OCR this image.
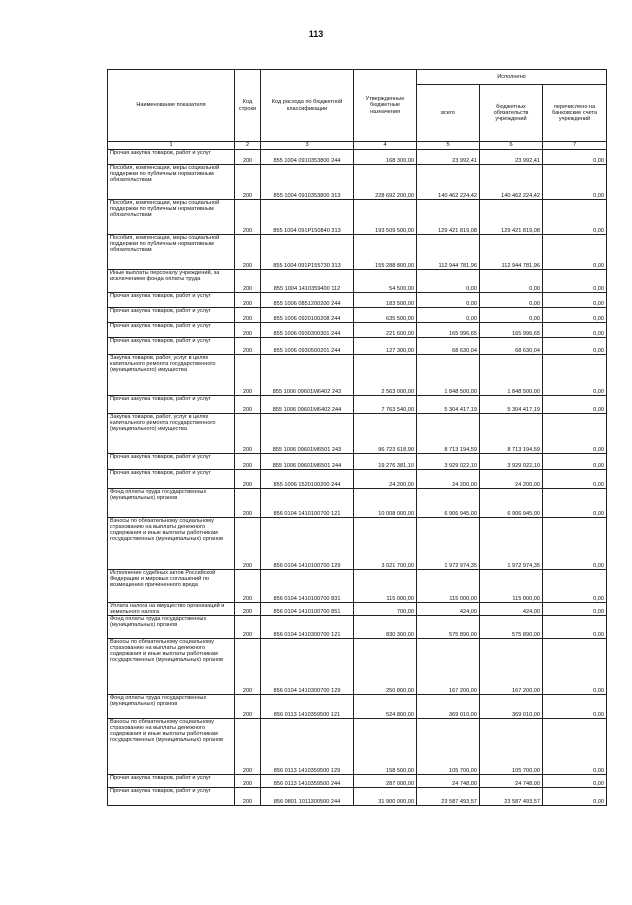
113
Наименование показателя	Код строки	Код расхода по бюджетной классификации	Утвержденные бюджетные назначения	Исполнено		
				всего	бюджетных обязательств учреждений	перечислено на банковские счета учреждений
1	2	3	4	5	6	7
Прочая закупка товаров, работ и услуг	200	855 1004 0910353800 244	168 300,00	23 992,41	23 992,41	0,00
Пособия, компенсации, меры социальной поддержки по публичным нормативным обязательствам	200	855 1004 0910353800 313	228 692 200,00	140 462 224,42	140 462 224,42	0,00
Пособия, компенсации, меры социальной поддержки по публичным нормативным обязательствам	200	855 1004 091P150840 313	193 509 500,00	129 421 819,08	129 421 819,08	0,00
Пособия, компенсации, меры социальной поддержки по публичным нормативным обязательствам	200	855 1004 091P155730 313	155 288 800,00	112 944 781,96	112 944 781,96	0,00
Иные выплаты персоналу учреждений, за исключением фонда оплаты труда	200	855 1004 1410359400 112	54 500,00	0,00	0,00	0,00
Прочая закупка товаров, работ и услуг	200	855 1006 0851200200 244	183 500,00	0,00	0,00	0,00
Прочая закупка товаров, работ и услуг	200	855 1006 0920100208 244	635 500,00	0,00	0,00	0,00
Прочая закупка товаров, работ и услуг	200	855 1006 0930300301 244	221 600,00	165 996,65	165 996,65	0,00
Прочая закупка товаров, работ и услуг	200	855 1006 0930500201 244	127 300,00	68 630,04	68 630,04	0,00
Закупка товаров, работ, услуг в целях капитального ремонта государственного (муниципального) имущества	200	855 1006 09601M6402 243	2 563 000,00	1 848 500,00	1 848 500,00	0,00
Прочая закупка товаров, работ и услуг	200	855 1006 09601M6402 244	7 763 540,00	5 304 417,19	5 304 417,19	0,00
Закупка товаров, работ, услуг в целях капитального ремонта государственного (муниципального) имущества	200	855 1006 09601M6501 243	96 723 618,90	8 713 194,59	8 713 194,59	0,00
Прочая закупка товаров, работ и услуг	200	855 1006 09601M6501 244	19 276 381,10	3 929 022,10	3 929 022,10	0,00
Прочая закупка товаров, работ и услуг	200	855 1006 1520100200 244	24 200,00	24 200,00	24 200,00	0,00
Фонд оплаты труда государственных (муниципальных) органов	200	856 0104 1410100700 121	10 008 000,00	6 906 945,00	6 906 945,00	0,00
Взносы по обязательному социальному страхованию на выплаты денежного содержания и иные выплаты работникам государственных (муниципальных) органов	200	856 0104 1410100700 129	3 021 700,00	1 972 974,35	1 972 974,35	0,00
Исполнение судебных актов Российской Федерации и мировых соглашений по возмещению причиненного вреда	200	856 0104 1410100700 831	115 000,00	115 000,00	115 000,00	0,00
Уплата налога на имущество организаций и земельного налога	200	856 0104 1410100700 851	700,00	424,00	424,00	0,00
Фонд оплаты труда государственных (муниципальных) органов	200	856 0104 1410300700 121	830 300,00	575 890,00	575 890,00	0,00
Взносы по обязательному социальному страхованию на выплаты денежного содержания и иные выплаты работникам государственных (муниципальных) органов	200	856 0104 1410300700 129	250 800,00	167 200,00	167 200,00	0,00
Фонд оплаты труда государственных (муниципальных) органов	200	856 0113 1410359500 121	524 800,00	369 010,00	369 010,00	0,00
Взносы по обязательному социальному страхованию на выплаты денежного содержания и иные выплаты работникам государственных (муниципальных) органов	200	856 0113 1410359500 129	158 500,00	105 700,00	105 700,00	0,00
Прочая закупка товаров, работ и услуг	200	856 0113 1410359500 244	287 000,00	24 748,00	24 748,00	0,00
Прочая закупка товаров, работ и услуг	200	856 0801 1011300500 244	31 900 000,00	23 587 493,57	23 587 493,57	0,00
